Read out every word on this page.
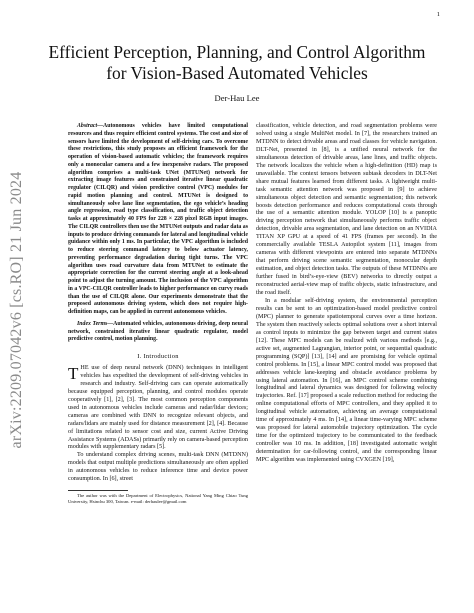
arXiv:2209.07042v6 [cs.RO] 21 Jun 2024
1
Efficient Perception, Planning, and Control Algorithm for Vision-Based Automated Vehicles
Der-Hau Lee

Abstract—Autonomous vehicles have limited computational resources and thus require efficient control systems. The cost and size of sensors have limited the development of self-driving cars. To overcome these restrictions, this study proposes an efficient framework for the operation of vision-based automatic vehicles; the framework requires only a monocular camera and a few inexpensive radars. The proposed algorithm comprises a multi-task UNet (MTUNet) network for extracting image features and constrained iterative linear quadratic regulator (CILQR) and vision predictive control (VPC) modules for rapid motion planning and control. MTUNet is designed to simultaneously solve lane line segmentation, the ego vehicle’s heading angle regression, road type classification, and traffic object detection tasks at approximately 40 FPS for 228 × 228 pixel RGB input images. The CILQR controllers then use the MTUNet outputs and radar data as inputs to produce driving commands for lateral and longitudinal vehicle guidance within only 1 ms. In particular, the VPC algorithm is included to reduce steering command latency to below actuator latency, preventing performance degradation during tight turns. The VPC algorithm uses road curvature data from MTUNet to estimate the appropriate correction for the current steering angle at a look-ahead point to adjust the turning amount. The inclusion of the VPC algorithm in a VPC-CILQR controller leads to higher performance on curvy roads than the use of CILQR alone. Our experiments demonstrate that the proposed autonomous driving system, which does not require high-definition maps, can be applied in current autonomous vehicles.

Index Terms—Automated vehicles, autonomous driving, deep neural network, constrained iterative linear quadratic regulator, model predictive control, motion planning.

I. Introduction

THE use of deep neural network (DNN) techniques in intelligent vehicles has expedited the development of self-driving vehicles in research and industry. Self-driving cars can operate automatically because equipped perception, planning, and control modules operate cooperatively [1], [2], [3]. The most common perception components used in autonomous vehicles include cameras and radar/lidar devices; cameras are combined with DNN to recognize relevant objects, and radars/lidars are mainly used for distance measurement [2], [4]. Because of limitations related to sensor cost and size, current Active Driving Assistance Systems (ADASs) primarily rely on camera-based perception modules with supplementary radars [5].

To understand complex driving scenes, multi-task DNN (MTDNN) models that output multiple predictions simultaneously are often applied in autonomous vehicles to reduce inference time and device power consumption. In [6], street

The author was with the Department of Electrophysics, National Yang Ming Chiao Tung University, Hsinchu 300, Taiwan. e-mail: derhaulee@gmail.com

classification, vehicle detection, and road segmentation problems were solved using a single MultiNet model. In [7], the researchers trained an MTDNN to detect drivable areas and road classes for vehicle navigation. DLT-Net, presented in [8], is a unified neural network for the simultaneous detection of drivable areas, lane lines, and traffic objects. The network localizes the vehicle when a high-definition (HD) map is unavailable. The context tensors between subtask decoders in DLT-Net share mutual features learned from different tasks. A lightweight multi-task semantic attention network was proposed in [9] to achieve simultaneous object detection and semantic segmentation; this network boosts detection performance and reduces computational costs through the use of a semantic attention module. YOLOP [10] is a panoptic driving perception network that simultaneously performs traffic object detection, drivable area segmentation, and lane detection on an NVIDIA TITAN XP GPU at a speed of 41 FPS (frames per second). In the commercially available TESLA Autopilot system [11], images from cameras with different viewpoints are entered into separate MTDNNs that perform driving scene semantic segmentation, monocular depth estimation, and object detection tasks. The outputs of these MTDNNs are further fused in bird’s-eye-view (BEV) networks to directly output a reconstructed aerial-view map of traffic objects, static infrastructure, and the road itself.

In a modular self-driving system, the environmental perception results can be sent to an optimization-based model predictive control (MPC) planner to generate spatiotemporal curves over a time horizon. The system then reactively selects optimal solutions over a short interval as control inputs to minimize the gap between target and current states [12]. These MPC models can be realized with various methods [e.g., active set, augmented Lagrangian, interior point, or sequential quadratic programming (SQP)] [13], [14] and are promising for vehicle optimal control problems. In [15], a linear MPC control model was proposed that addresses vehicle lane-keeping and obstacle avoidance problems by using lateral automation. In [16], an MPC control scheme combining longitudinal and lateral dynamics was designed for following velocity trajectories. Ref. [17] proposed a scale reduction method for reducing the online computational efforts of MPC controllers, and they applied it to longitudinal vehicle automation, achieving an average computational time of approximately 4 ms. In [14], a linear time-varying MPC scheme was proposed for lateral automobile trajectory optimization. The cycle time for the optimized trajectory to be communicated to the feedback controller was 10 ms. In addition, [18] investigated automatic weight determination for car-following control, and the corresponding linear MPC algorithm was implemented using CVXGEN [19],
